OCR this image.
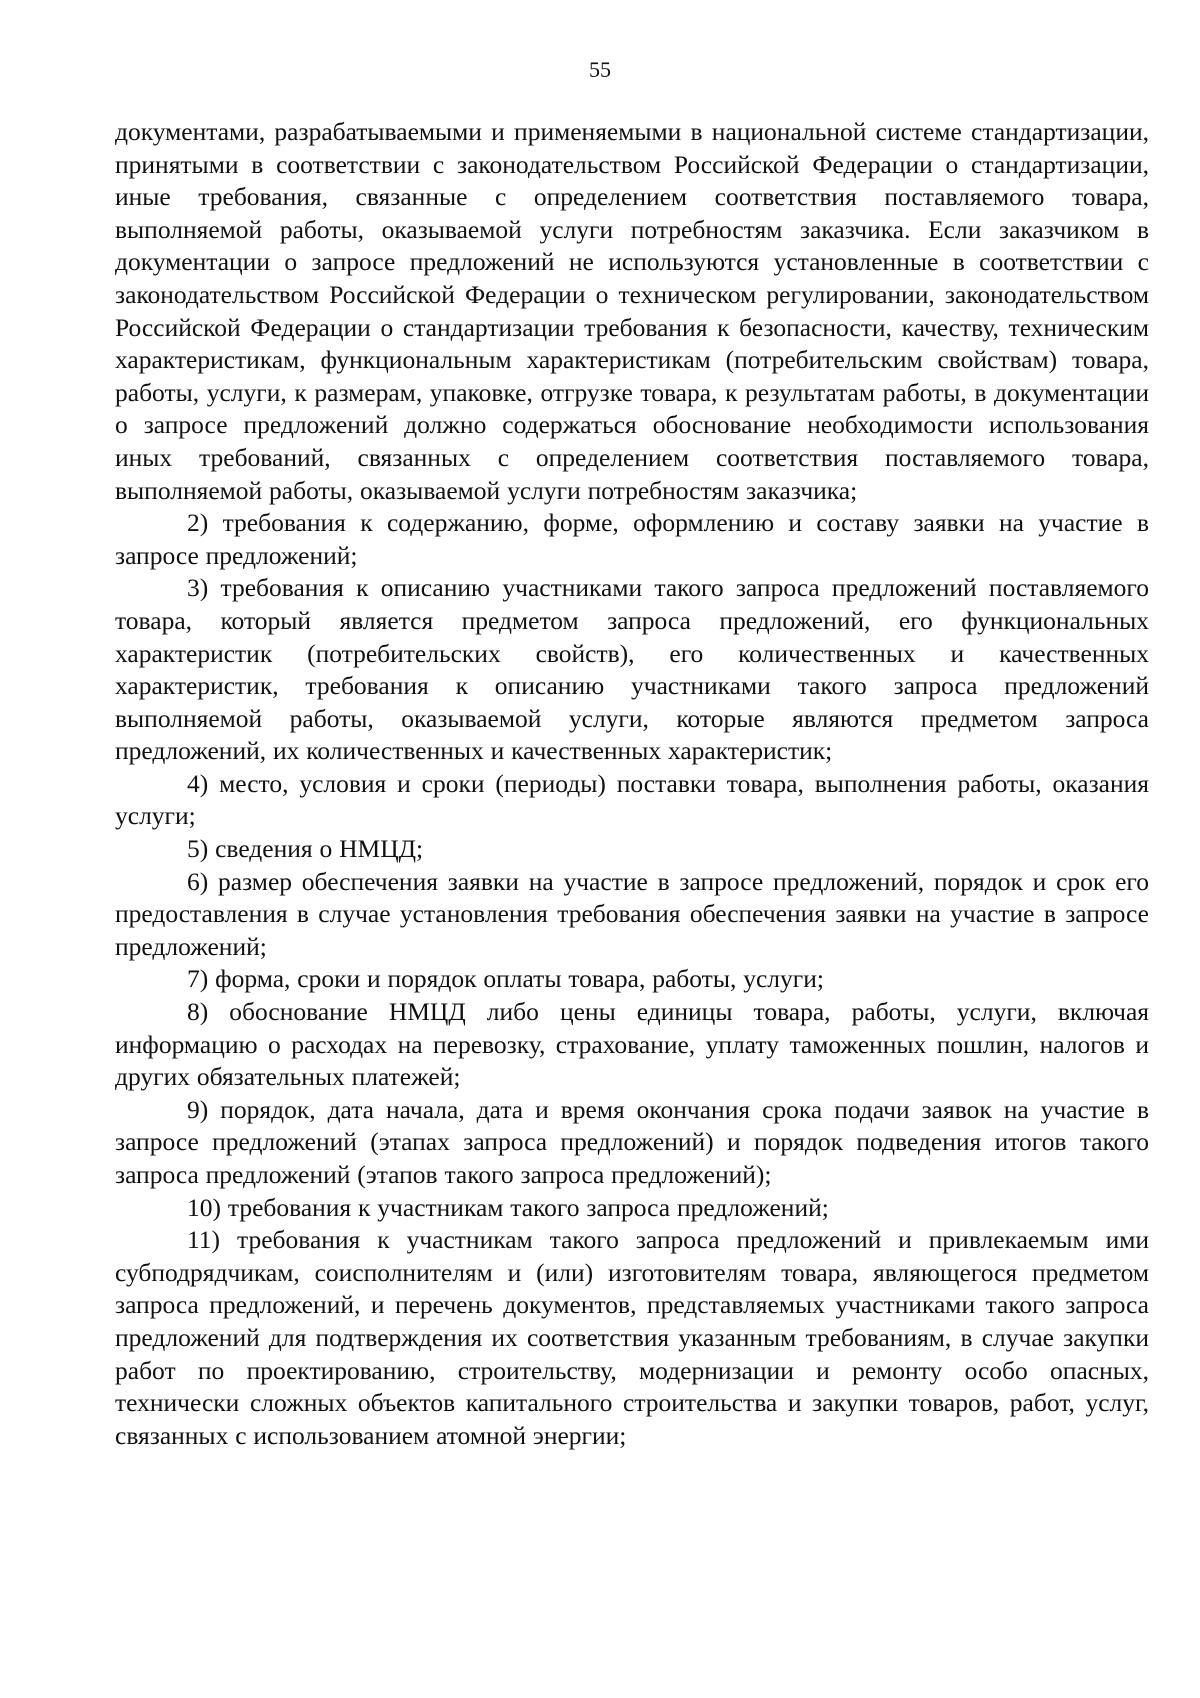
55

документами, разрабатываемыми и применяемыми в национальной системе стандартизации, принятыми в соответствии с законодательством Российской Федерации о стандартизации, иные требования, связанные с определением соответствия поставляемого товара, выполняемой работы, оказываемой услуги потребностям заказчика. Если заказчиком в документации о запросе предложений не используются установленные в соответствии с законодательством Российской Федерации о техническом регулировании, законодательством Российской Федерации о стандартизации требования к безопасности, качеству, техническим характеристикам, функциональным характеристикам (потребительским свойствам) товара, работы, услуги, к размерам, упаковке, отгрузке товара, к результатам работы, в документации о запросе предложений должно содержаться обоснование необходимости использования иных требований, связанных с определением соответствия поставляемого товара, выполняемой работы, оказываемой услуги потребностям заказчика;

2) требования к содержанию, форме, оформлению и составу заявки на участие в запросе предложений;

3) требования к описанию участниками такого запроса предложений поставляемого товара, который является предметом запроса предложений, его функциональных характеристик (потребительских свойств), его количественных и качественных характеристик, требования к описанию участниками такого запроса предложений выполняемой работы, оказываемой услуги, которые являются предметом запроса предложений, их количественных и качественных характеристик;

4) место, условия и сроки (периоды) поставки товара, выполнения работы, оказания услуги;

5) сведения о НМЦД;

6) размер обеспечения заявки на участие в запросе предложений, порядок и срок его предоставления в случае установления требования обеспечения заявки на участие в запросе предложений;

7) форма, сроки и порядок оплаты товара, работы, услуги;

8) обоснование НМЦД либо цены единицы товара, работы, услуги, включая информацию о расходах на перевозку, страхование, уплату таможенных пошлин, налогов и других обязательных платежей;

9) порядок, дата начала, дата и время окончания срока подачи заявок на участие в запросе предложений (этапах запроса предложений) и порядок подведения итогов такого запроса предложений (этапов такого запроса предложений);

10) требования к участникам такого запроса предложений;

11) требования к участникам такого запроса предложений и привлекаемым ими субподрядчикам, соисполнителям и (или) изготовителям товара, являющегося предметом запроса предложений, и перечень документов, представляемых участниками такого запроса предложений для подтверждения их соответствия указанным требованиям, в случае закупки работ по проектированию, строительству, модернизации и ремонту особо опасных, технически сложных объектов капитального строительства и закупки товаров, работ, услуг, связанных с использованием атомной энергии;
